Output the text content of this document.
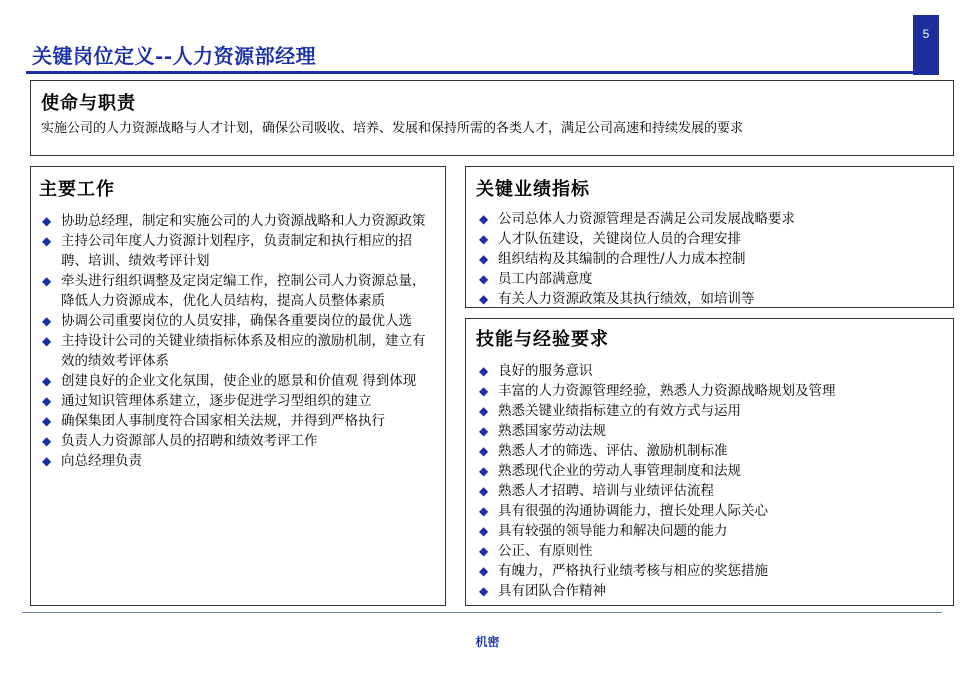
5
关键岗位定义--人力资源部经理
使命与职责
实施公司的人力资源战略与人才计划，确保公司吸收、培养、发展和保持所需的各类人才，满足公司高速和持续发展的要求
主要工作
◆ 协助总经理，制定和实施公司的人力资源战略和人力资源政策
◆ 主持公司年度人力资源计划程序，负责制定和执行相应的招聘、培训、绩效考评计划
◆ 牵头进行组织调整及定岗定编工作，控制公司人力资源总量，降低人力资源成本，优化人员结构，提高人员整体素质
◆ 协调公司重要岗位的人员安排，确保各重要岗位的最优人选
◆ 主持设计公司的关键业绩指标体系及相应的激励机制，建立有效的绩效考评体系
◆ 创建良好的企业文化氛围，使企业的愿景和价值观 得到体现
◆ 通过知识管理体系建立，逐步促进学习型组织的建立
◆ 确保集团人事制度符合国家相关法规，并得到严格执行
◆ 负责人力资源部人员的招聘和绩效考评工作
◆ 向总经理负责
关键业绩指标
◆ 公司总体人力资源管理是否满足公司发展战略要求
◆ 人才队伍建设，关键岗位人员的合理安排
◆ 组织结构及其编制的合理性/人力成本控制
◆ 员工内部满意度
◆ 有关人力资源政策及其执行绩效，如培训等
技能与经验要求
◆ 良好的服务意识
◆ 丰富的人力资源管理经验，熟悉人力资源战略规划及管理
◆ 熟悉关键业绩指标建立的有效方式与运用
◆ 熟悉国家劳动法规
◆ 熟悉人才的筛选、评估、激励机制标准
◆ 熟悉现代企业的劳动人事管理制度和法规
◆ 熟悉人才招聘、培训与业绩评估流程
◆ 具有很强的沟通协调能力，擅长处理人际关心
◆ 具有较强的领导能力和解决问题的能力
◆ 公正、有原则性
◆ 有魄力，严格执行业绩考核与相应的奖惩措施
◆ 具有团队合作精神
机密
